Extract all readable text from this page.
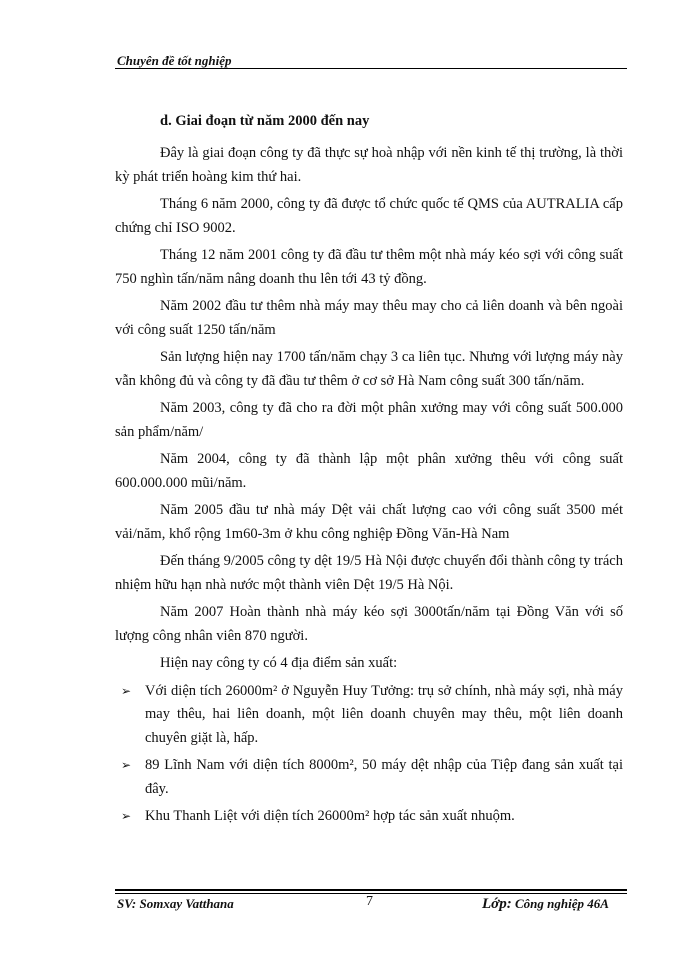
Chuyên đề tốt nghiệp
d. Giai đoạn từ năm 2000 đến nay

Đây là giai đoạn công ty đã thực sự hoà nhập với nền kinh tế thị trường, là thời kỳ phát triển hoàng kim thứ hai.

Tháng 6 năm 2000, công ty đã được tổ chức quốc tế QMS của AUTRALIA cấp chứng chỉ ISO 9002.

Tháng 12 năm 2001 công ty đã đầu tư thêm một nhà máy kéo sợi với công suất 750 nghìn tấn/năm nâng doanh thu lên tới 43 tỷ đồng.

Năm 2002 đầu tư thêm nhà máy may thêu may cho cả liên doanh và bên ngoài với công suất 1250 tấn/năm

Sản lượng hiện nay 1700 tấn/năm chạy 3 ca liên tục. Nhưng với lượng máy này vẫn không đủ và công ty đã đầu tư thêm ở cơ sở Hà Nam công suất 300 tấn/năm.

Năm 2003, công ty đã cho ra đời một phân xưởng may với công suất 500.000 sản phẩm/năm/

Năm 2004, công ty đã thành lập một phân xưởng thêu với công suất 600.000.000 mũi/năm.

Năm 2005 đầu tư nhà máy Dệt vải chất lượng cao với công suất 3500 mét vải/năm, khổ rộng 1m60-3m ở khu công nghiệp Đồng Văn-Hà Nam

Đến tháng 9/2005 công ty dệt 19/5 Hà Nội được chuyển đổi thành công ty trách nhiệm hữu hạn nhà nước một thành viên Dệt 19/5 Hà Nội.

Năm 2007 Hoàn thành nhà máy kéo sợi 3000tấn/năm tại Đồng Văn với số lượng công nhân viên 870 người.

Hiện nay công ty có 4 địa điểm sản xuất:

➢ Với diện tích 26000m² ở Nguyễn Huy Tưởng: trụ sở chính, nhà máy sợi, nhà máy may thêu, hai liên doanh, một liên doanh chuyên may thêu, một liên doanh chuyên giặt là, hấp.
➢ 89 Lĩnh Nam với diện tích 8000m², 50 máy dệt nhập của Tiệp đang sản xuất tại đây.
➢ Khu Thanh Liệt với diện tích 26000m² hợp tác sản xuất nhuộm.
SV: Somxay Vatthana	7	Lớp: Công nghiệp 46A
